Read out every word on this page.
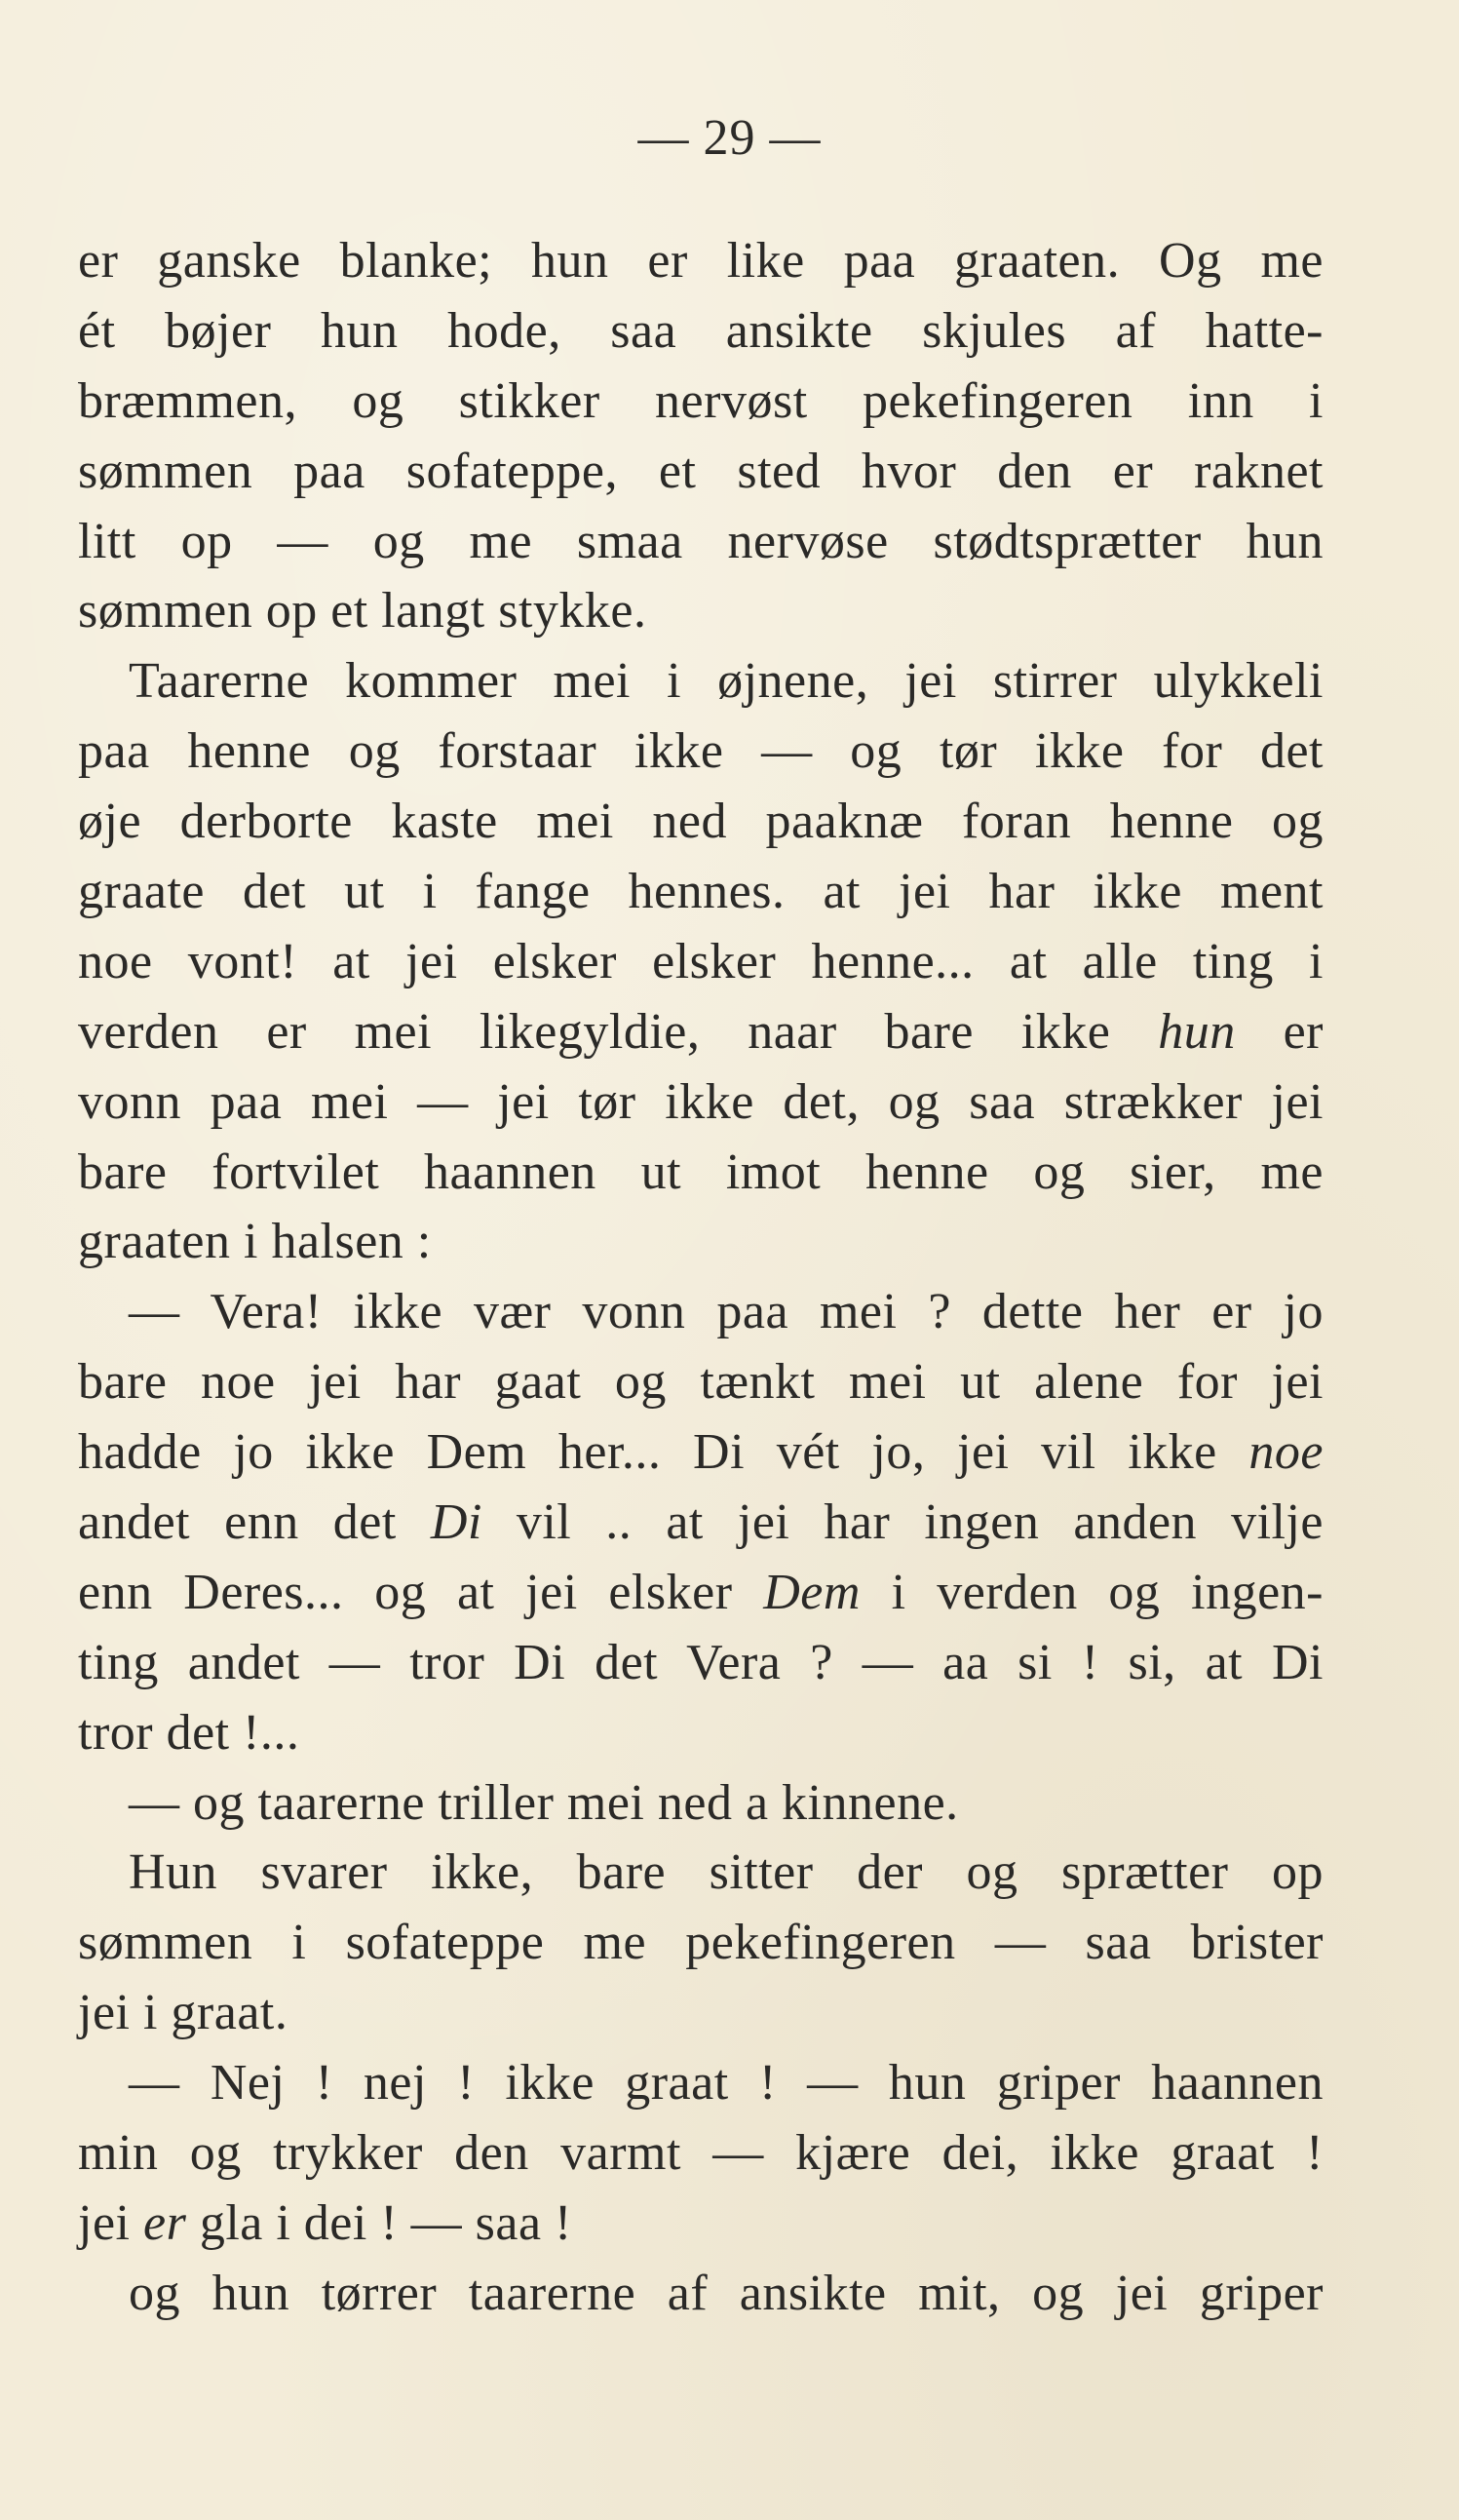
— 29 —
er ganske blanke; hun er like paa graaten. Og me
ét bøjer hun hode, saa ansikte skjules af hatte-
bræmmen, og stikker nervøst pekefingeren inn i
sømmen paa sofateppe, et sted hvor den er raknet
litt op — og me smaa nervøse stødtsprætter hun
sømmen op et langt stykke.
Taarerne kommer mei i øjnene, jei stirrer ulykkeli
paa henne og forstaar ikke — og tør ikke for det
øje derborte kaste mei ned paaknæ foran henne og
graate det ut i fange hennes. at jei har ikke ment
noe vont! at jei elsker elsker henne... at alle ting i
verden er mei likegyldie, naar bare ikke hun er
vonn paa mei — jei tør ikke det, og saa strækker jei
bare fortvilet haannen ut imot henne og sier, me
graaten i halsen :
— Vera! ikke vær vonn paa mei ? dette her er jo
bare noe jei har gaat og tænkt mei ut alene for jei
hadde jo ikke Dem her... Di vét jo, jei vil ikke noe
andet enn det Di vil .. at jei har ingen anden vilje
enn Deres... og at jei elsker Dem i verden og ingen-
ting andet — tror Di det Vera ? — aa si ! si, at Di
tror det !...
— og taarerne triller mei ned a kinnene.
Hun svarer ikke, bare sitter der og sprætter op
sømmen i sofateppe me pekefingeren — saa brister
jei i graat.
— Nej ! nej ! ikke graat ! — hun griper haannen
min og trykker den varmt — kjære dei, ikke graat !
jei er gla i dei ! — saa !
og hun tørrer taarerne af ansikte mit, og jei griper
